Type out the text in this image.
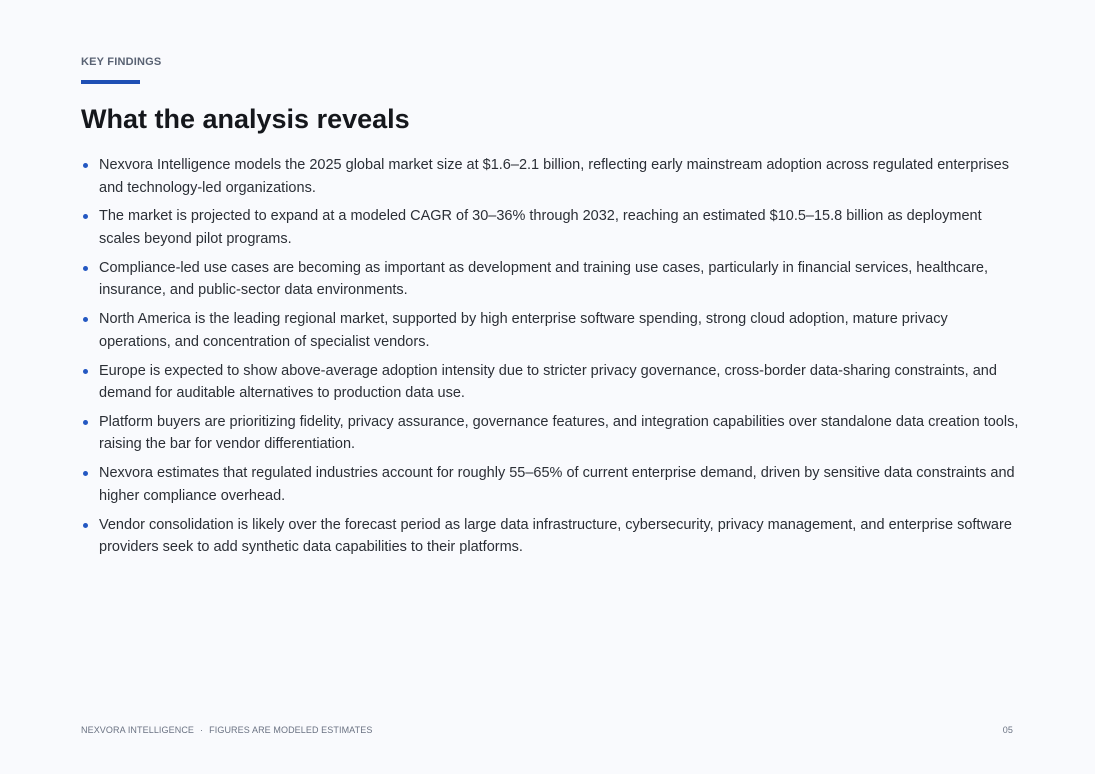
KEY FINDINGS
What the analysis reveals
Nexvora Intelligence models the 2025 global market size at $1.6–2.1 billion, reflecting early mainstream adoption across regulated enterprises and technology-led organizations.
The market is projected to expand at a modeled CAGR of 30–36% through 2032, reaching an estimated $10.5–15.8 billion as deployment scales beyond pilot programs.
Compliance-led use cases are becoming as important as development and training use cases, particularly in financial services, healthcare, insurance, and public-sector data environments.
North America is the leading regional market, supported by high enterprise software spending, strong cloud adoption, mature privacy operations, and concentration of specialist vendors.
Europe is expected to show above-average adoption intensity due to stricter privacy governance, cross-border data-sharing constraints, and demand for auditable alternatives to production data use.
Platform buyers are prioritizing fidelity, privacy assurance, governance features, and integration capabilities over standalone data creation tools, raising the bar for vendor differentiation.
Nexvora estimates that regulated industries account for roughly 55–65% of current enterprise demand, driven by sensitive data constraints and higher compliance overhead.
Vendor consolidation is likely over the forecast period as large data infrastructure, cybersecurity, privacy management, and enterprise software providers seek to add synthetic data capabilities to their platforms.
NEXVORA INTELLIGENCE · FIGURES ARE MODELED ESTIMATES	05
